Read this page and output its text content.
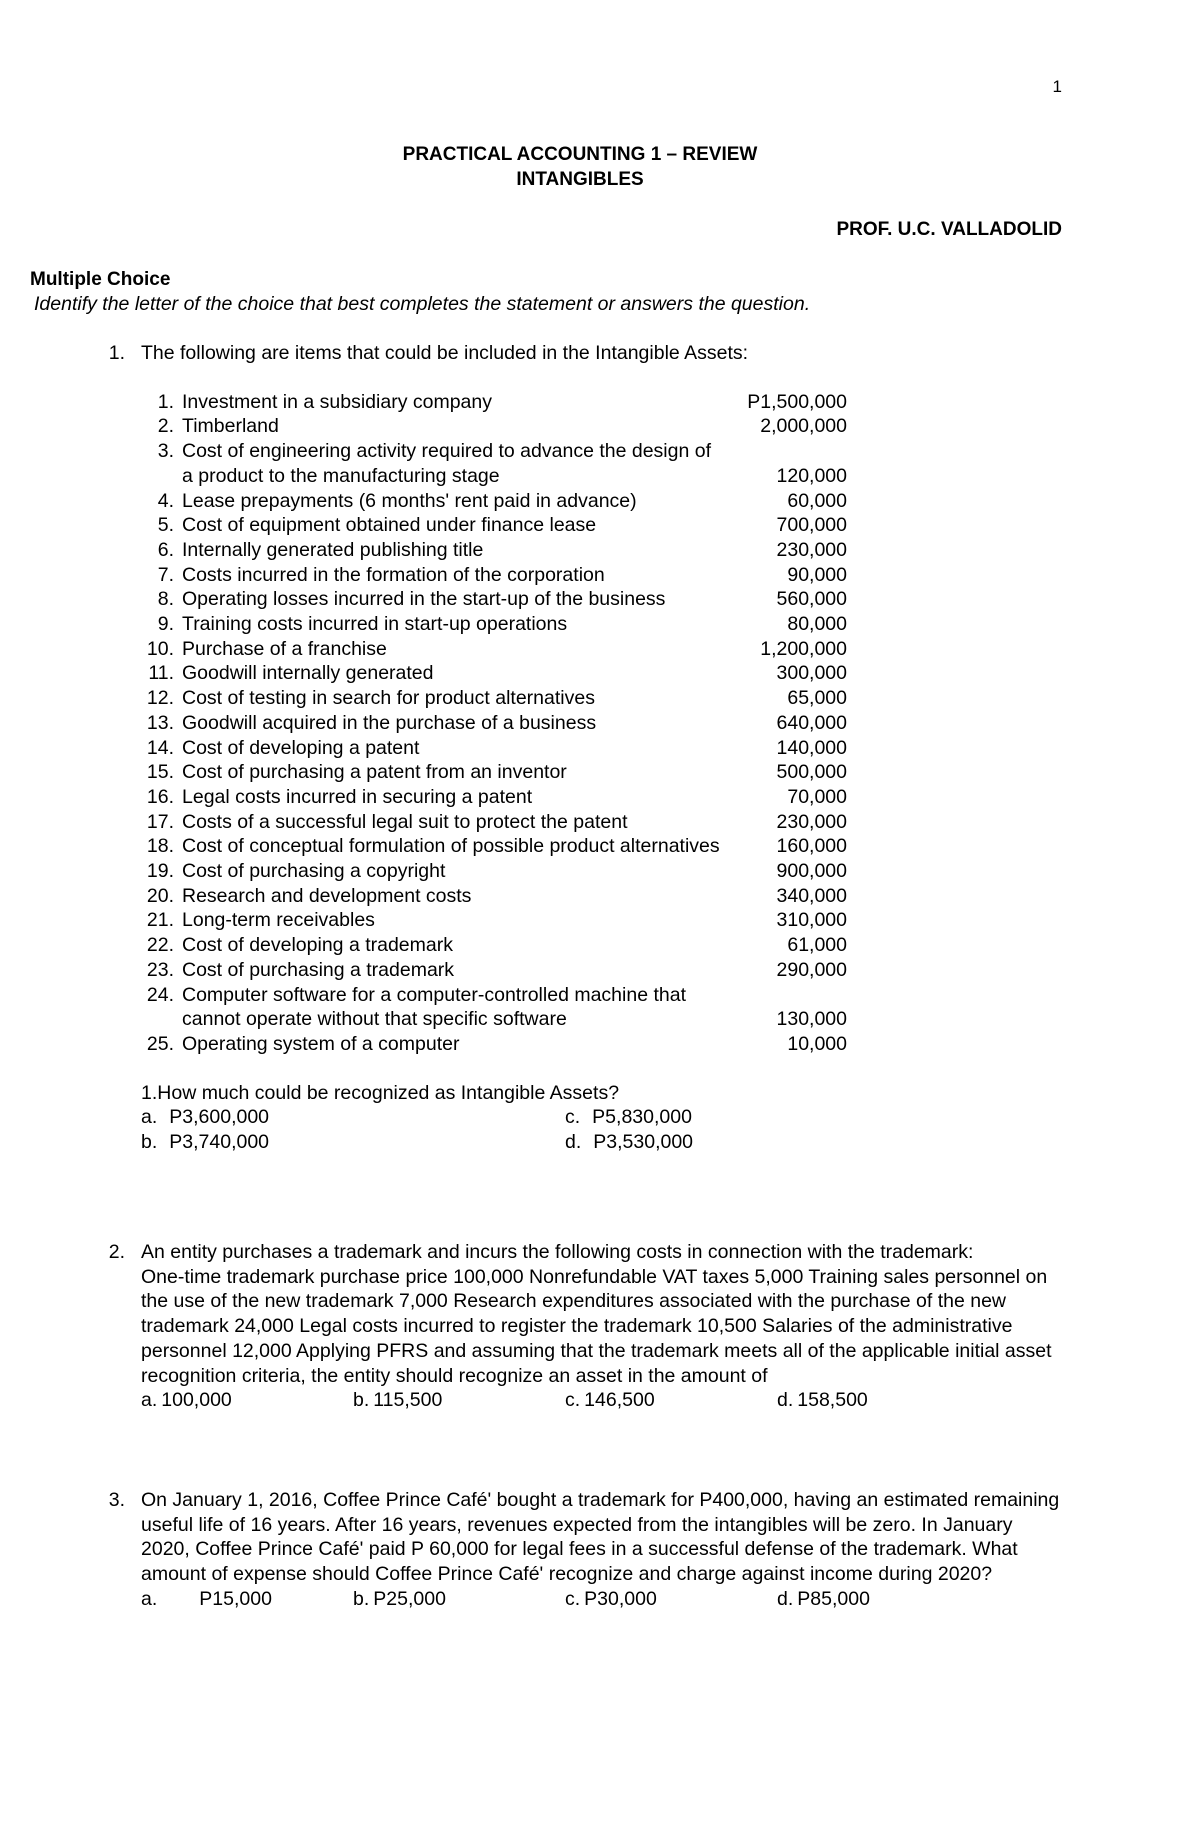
1
PRACTICAL ACCOUNTING 1 – REVIEW
INTANGIBLES
PROF. U.C. VALLADOLID
Multiple Choice
Identify the letter of the choice that best completes the statement or answers the question.
1. The following are items that could be included in the Intangible Assets:

1. Investment in a subsidiary company	P1,500,000
2. Timberland	2,000,000
3. Cost of engineering activity required to advance the design of a product to the manufacturing stage	120,000
4. Lease prepayments (6 months' rent paid in advance)	60,000
5. Cost of equipment obtained under finance lease	700,000
6. Internally generated publishing title	230,000
7. Costs incurred in the formation of the corporation	90,000
8. Operating losses incurred in the start-up of the business	560,000
9. Training costs incurred in start-up operations	80,000
10. Purchase of a franchise	1,200,000
11. Goodwill internally generated	300,000
12. Cost of testing in search for product alternatives	65,000
13. Goodwill acquired in the purchase of a business	640,000
14. Cost of developing a patent	140,000
15. Cost of purchasing a patent from an inventor	500,000
16. Legal costs incurred in securing a patent	70,000
17. Costs of a successful legal suit to protect the patent	230,000
18. Cost of conceptual formulation of possible product alternatives	160,000
19. Cost of purchasing a copyright	900,000
20. Research and development costs	340,000
21. Long-term receivables	310,000
22. Cost of developing a trademark	61,000
23. Cost of purchasing a trademark	290,000
24. Computer software for a computer-controlled machine that cannot operate without that specific software	130,000
25. Operating system of a computer	10,000
1.How much could be recognized as Intangible Assets?
a. P3,600,000	c. P5,830,000
b. P3,740,000	d. P3,530,000
2. An entity purchases a trademark and incurs the following costs in connection with the trademark:

One-time trademark purchase price 100,000 Nonrefundable VAT taxes 5,000 Training sales personnel on the use of the new trademark 7,000 Research expenditures associated with the purchase of the new trademark 24,000 Legal costs incurred to register the trademark 10,500 Salaries of the administrative personnel 12,000 Applying PFRS and assuming that the trademark meets all of the applicable initial asset recognition criteria, the entity should recognize an asset in the amount of

a. 100,000	b. 115,500	c. 146,500	d. 158,500
3. On January 1, 2016, Coffee Prince Café' bought a trademark for P400,000, having an estimated remaining useful life of 16 years. After 16 years, revenues expected from the intangibles will be zero. In January 2020, Coffee Prince Café' paid P 60,000 for legal fees in a successful defense of the trademark. What amount of expense should Coffee Prince Café' recognize and charge against income during 2020?

a. P15,000	b. P25,000	c. P30,000	d. P85,000
